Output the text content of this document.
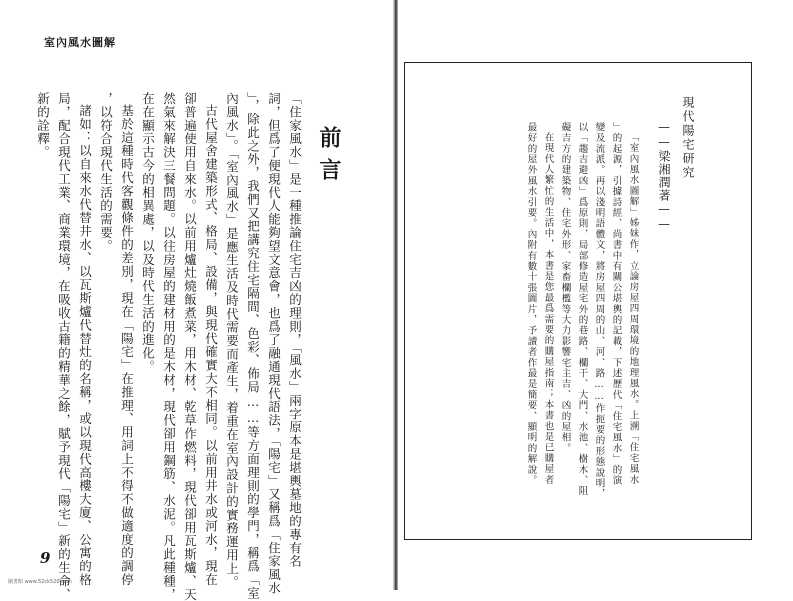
室內風水圖解
9
圖書館 www.52ck520.com
前言
「住家風水」是一種推論住宅吉凶的理則，「風水」兩字原本是堪輿墓地的專有名
詞，但爲了便現代人能夠望文意會，也爲了融通現代語法，「陽宅」又稱爲「住家風水
」，除此之外，我們又把講究住宅隔間、色彩、佈局……等方面理則的學門，稱爲「室
內風水」。「室內風水」是應生活及時代需要而產生，着重在室內設計的實務運用上。
古代屋舍建築形式、格局、設備，與現代確實大不相同。以前用井水或河水，現在
卻普遍使用自來水。以前用爐灶燒飯煮菜，用木材、乾草作燃料，現代卻用瓦斯爐、天
然氣來解決三餐問題。以往房屋的建材用的是木材，現代卻用鋼筋、水泥。凡此種種，
在在顯示古今的相異處，以及時代生活的進化。
基於這種時代客觀條件的差別，現在「陽宅」在推理、用詞上不得不做適度的調停
，以符合現代生活的需要。
諸如：以自來水代替井水、以瓦斯爐代替灶的名稱，或以現代高樓大廈、公寓的格
局，配合現代工業、商業環境，在吸收古籍的精華之餘，賦予現代「陽宅」新的生命、
新的詮釋。	現代陽宅研究
——梁湘潤著——
「室內風水圖解」姊妹作，立論房屋四周環境的地理風水。上溯「住宅風水
」的起源，引據詩經、尚書中有關公堪輿的記載，下述歷代「住宅風水」的演
變及流派。再以淺明語體文，將房屋四周的山、河、路……作扼要的形態說明，
以「趨吉避凶」爲原則，局部修造屋宅外的巷路、欄干、大門、水池、樹木、阻
礙吉方的建築物、住宅外形、家畜欄檻等大力影響宅主吉、凶的屋相。
在現代人繁忙的生活中，本書是您最爲需要的購屋指南；本書也是已購屋者
最好的屋外風水引要。內附有數十張圖片，予讀者作最是簡要、顯明的解說。
